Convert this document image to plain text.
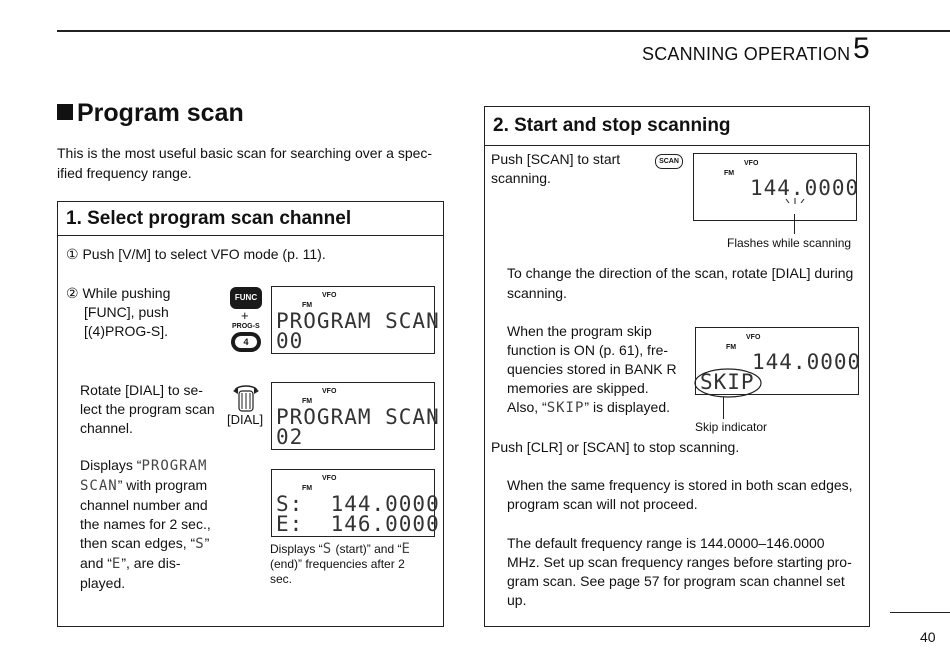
SCANNING OPERATION 5
Program scan
This is the most useful basic scan for searching over a spec-
ified frequency range.
1. Select program scan channel
① Push [V/M] to select VFO mode (p. 11).
② While pushing
[FUNC], push
[(4)PROG-S].
FUNC
+
PROG-S
4
VFO
FM
PROGRAM SCAN
00
Rotate [DIAL] to se-
lect the program scan
channel.
[DIAL]
VFO
FM
PROGRAM SCAN
02
Displays “PROGRAM
SCAN” with program
channel number and
the names for 2 sec.,
then scan edges, “S”
and “E”, are dis-
played.
VFO
FM
S:  144.0000
E:  146.0000
Displays “S (start)” and “E
(end)” frequencies after 2
sec.
2. Start and stop scanning
Push [SCAN] to start
scanning.
SCAN	VFO
FM
144.0000
Flashes while scanning
To change the direction of the scan, rotate [DIAL] during
scanning.
When the program skip
function is ON (p. 61), fre-
quencies stored in BANK R
memories are skipped.
Also, “SKIP” is displayed.
VFO
FM
144.0000
SKIP
Skip indicator
Push [CLR] or [SCAN] to stop scanning.
When the same frequency is stored in both scan edges,
program scan will not proceed.
The default frequency range is 144.0000–146.0000
MHz. Set up scan frequency ranges before starting pro-
gram scan. See page 57 for program scan channel set
up.
40
